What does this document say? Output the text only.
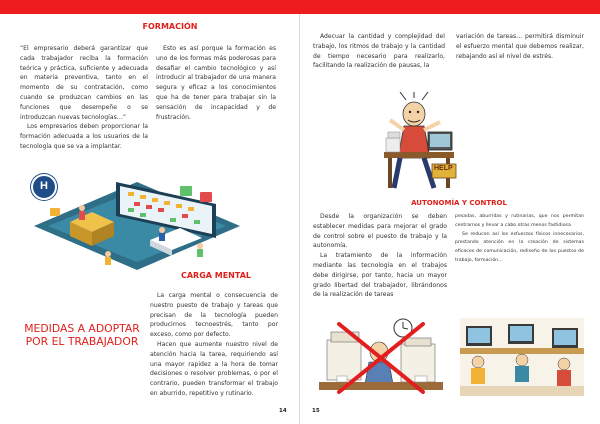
FORMACIÓN

“El empresario deberá garantizar que cada trabajador reciba la formación teórica y práctica, suficiente y adecuada en materia preventiva, tanto en el momento de su contratación, como cuando se produzcan cambios en las funciones que desempeñe o se introduzcan nuevas tecnologías…”

Los empresarios deben proporcionar la formación adecuada a los usuarios de la tecnología que se va a implantar.

Esto es así porque la formación es uno de los formas más poderosas para desafiar el cambio tecnológico y así introducir al trabajador de una manera segura y eficaz a los conocimientos que ha de tener para trabajar sin la sensación de incapacidad y de frustración.

H
CARGA MENTAL
MEDIDAS A ADOPTAR POR EL TRABAJADOR

La carga mental o consecuencia de nuestro puesto de trabajo y tareas que precisan de la tecnología pueden producirnos tecnoestrés, tanto por exceso, como por defecto.

Hacen que aumente nuestro nivel de atención hacia la tarea, requiriendo así una mayor rapidez a la hora de tomar decisiones o resolver problemas, o por el contrario, pueden transformar el trabajo en aburrido, repetitivo y rutinario.

14	15

Adecuar la cantidad y complejidad del trabajo, los ritmos de trabajo y la cantidad de tiempo necesario para realizarlo, facilitando la realización de pausas, la

variación de tareas… permitirá disminuir el esfuerzo mental que debemos realizar, rebajando así el nivel de estrés.

HELP
AUTONOMÍA Y CONTROL

Desde la organización se deben establecer medidas para mejorar el grado de control sobre el puesto de trabajo y la autonomía.

La tratamiento de la información mediante las tecnología en el trabajos debe dirigirse, por tanto, hacia un mayor grado libertad del trabajador, librándonos de la realización de tareas

pesadas, aburridas y rutinarias, que nos permitan centrarnos y llevar a cabo otras menos fastidiosa

Se reducen así los esfuerzos físicos innecesarios, prestando atención en la creación de sistemas eficaces de comunicación, rediseño de los puestos de trabajo, formación…
